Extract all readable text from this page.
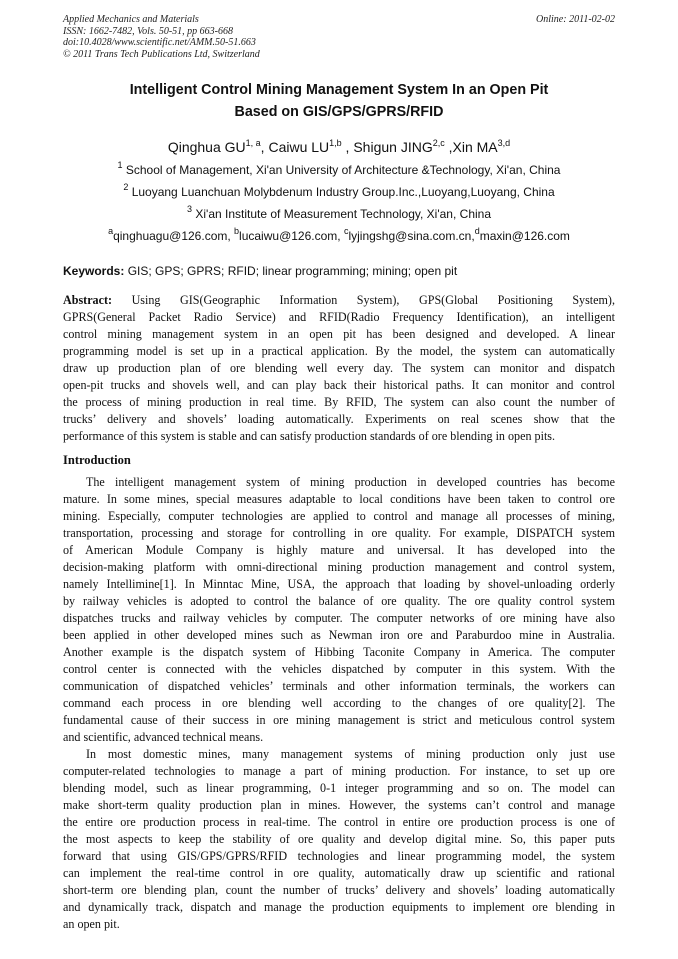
Applied Mechanics and Materials
ISSN: 1662-7482, Vols. 50-51, pp 663-668
doi:10.4028/www.scientific.net/AMM.50-51.663
© 2011 Trans Tech Publications Ltd, Switzerland
Online: 2011-02-02
Intelligent Control Mining Management System In an Open Pit
Based on GIS/GPS/GPRS/RFID
Qinghua GU$^{1, a}$, Caiwu LU$^{1,b}$ , Shigun JING$^{2,c}$ ,Xin MA$^{3,d}$
$^1$ School of Management, Xi'an University of Architecture &Technology, Xi'an, China
$^2$ Luoyang Luanchuan Molybdenum Industry Group.Inc.,Luoyang,Luoyang, China
$^3$ Xi'an Institute of Measurement Technology, Xi'an, China
$^a$qinghuagu@126.com, $^b$lucaiwu@126.com, $^c$lyjingshg@sina.com.cn,$^d$maxin@126.com
Keywords: GIS; GPS; GPRS; RFID; linear programming; mining; open pit
Abstract: Using GIS(Geographic Information System), GPS(Global Positioning System),
GPRS(General Packet Radio Service) and RFID(Radio Frequency Identification), an intelligent
control mining management system in an open pit has been designed and developed. A linear
programming model is set up in a practical application. By the model, the system can automatically
draw up production plan of ore blending well every day. The system can monitor and dispatch
open-pit trucks and shovels well, and can play back their historical paths. It can monitor and control
the process of mining production in real time. By RFID, The system can also count the number of
trucks’ delivery and shovels’ loading automatically. Experiments on real scenes show that the
performance of this system is stable and can satisfy production standards of ore blending in open pits.
Introduction
The intelligent management system of mining production in developed countries has become
mature. In some mines, special measures adaptable to local conditions have been taken to control ore
mining. Especially, computer technologies are applied to control and manage all processes of mining,
transportation, processing and storage for controlling in ore quality. For example, DISPATCH system
of American Module Company is highly mature and universal. It has developed into the
decision-making platform with omni-directional mining production management and control system,
namely Intellimine[1]. In Minntac Mine, USA, the approach that loading by shovel-unloading orderly
by railway vehicles is adopted to control the balance of ore quality. The ore quality control system
dispatches trucks and railway vehicles by computer. The computer networks of ore mining have also
been applied in other developed mines such as Newman iron ore and Paraburdoo mine in Australia.
Another example is the dispatch system of Hibbing Taconite Company in America. The computer
control center is connected with the vehicles dispatched by computer in this system. With the
communication of dispatched vehicles’ terminals and other information terminals, the workers can
command each process in ore blending well according to the changes of ore quality[2]. The
fundamental cause of their success in ore mining management is strict and meticulous control system
and scientific, advanced technical means.
In most domestic mines, many management systems of mining production only just use
computer-related technologies to manage a part of mining production. For instance, to set up ore
blending model, such as linear programming, 0-1 integer programming and so on. The model can
make short-term quality production plan in mines. However, the systems can’t control and manage
the entire ore production process in real-time. The control in entire ore production process is one of
the most aspects to keep the stability of ore quality and develop digital mine. So, this paper puts
forward that using GIS/GPS/GPRS/RFID technologies and linear programming model, the system
can implement the real-time control in ore quality, automatically draw up scientific and rational
short-term ore blending plan, count the number of trucks’ delivery and shovels’ loading automatically
and dynamically track, dispatch and manage the production equipments to implement ore blending in
an open pit.
